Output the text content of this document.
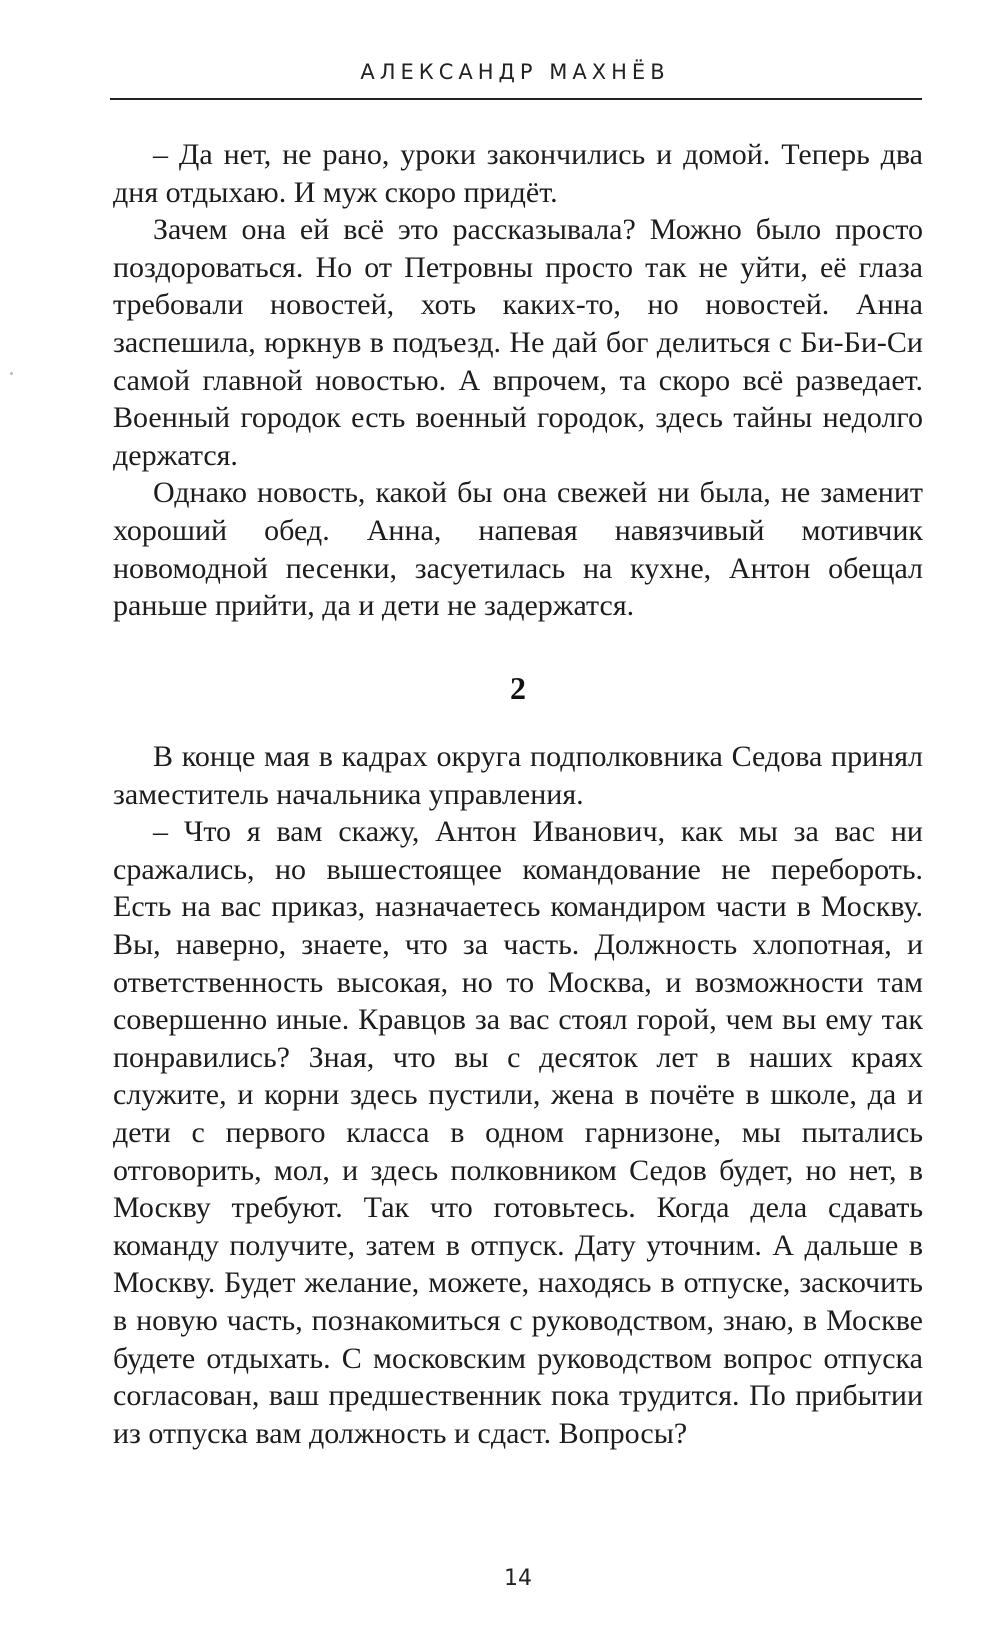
АЛЕКСАНДР МАХНЁВ

– Да нет, не рано, уроки закончились и домой. Теперь два дня отдыхаю. И муж скоро придёт.

Зачем она ей всё это рассказывала? Можно было просто поздороваться. Но от Петровны просто так не уйти, её глаза требовали новостей, хоть каких-то, но новостей. Анна заспешила, юркнув в подъезд. Не дай бог делиться с Би-Би-Си самой главной новостью. А впрочем, та скоро всё разведает. Военный городок есть военный городок, здесь тайны недолго держатся.

Однако новость, какой бы она свежей ни была, не заменит хороший обед. Анна, напевая навязчивый мотивчик новомодной песенки, засуетилась на кухне, Антон обещал раньше прийти, да и дети не задержатся.

2

В конце мая в кадрах округа подполковника Седова принял заместитель начальника управления.

– Что я вам скажу, Антон Иванович, как мы за вас ни сражались, но вышестоящее командование не перебороть. Есть на вас приказ, назначаетесь командиром части в Москву. Вы, наверно, знаете, что за часть. Должность хлопотная, и ответственность высокая, но то Москва, и возможности там совершенно иные. Кравцов за вас стоял горой, чем вы ему так понравились? Зная, что вы с десяток лет в наших краях служите, и корни здесь пустили, жена в почёте в школе, да и дети с первого класса в одном гарнизоне, мы пытались отговорить, мол, и здесь полковником Седов будет, но нет, в Москву требуют. Так что готовьтесь. Когда дела сдавать команду получите, затем в отпуск. Дату уточним. А дальше в Москву. Будет желание, можете, находясь в отпуске, заскочить в новую часть, познакомиться с руководством, знаю, в Москве будете отдыхать. С московским руководством вопрос отпуска согласован, ваш предшественник пока трудится. По прибытии из отпуска вам должность и сдаст. Вопросы?

14
